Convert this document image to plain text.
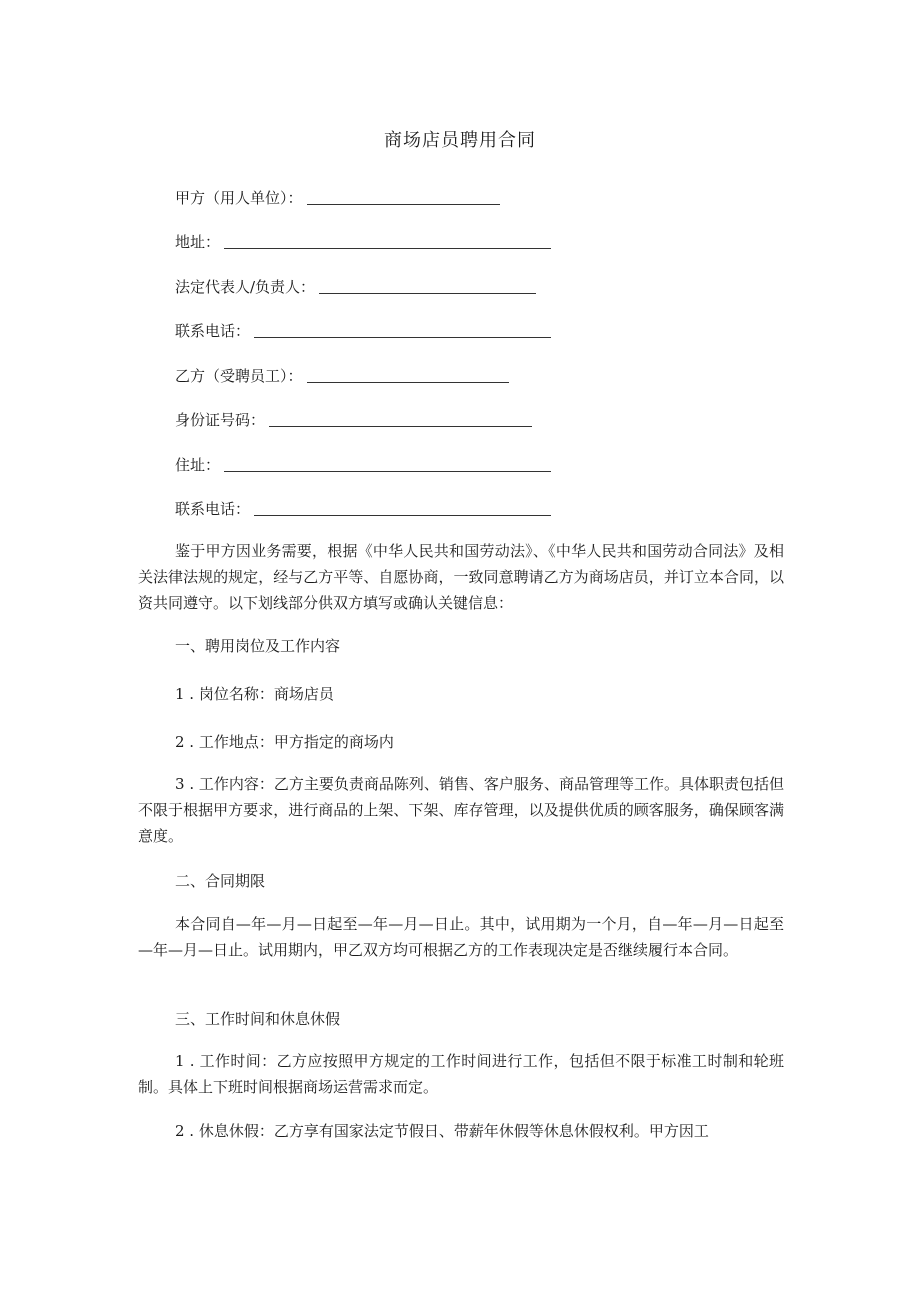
商场店员聘用合同
甲方（用人单位）：
地址：
法定代表人/负责人：
联系电话：
乙方（受聘员工）：
身份证号码：
住址：
联系电话：

鉴于甲方因业务需要，根据《中华人民共和国劳动法》、《中华人民共和国劳动合同法》及相关法律法规的规定，经与乙方平等、自愿协商，一致同意聘请乙方为商场店员，并订立本合同，以资共同遵守。以下划线部分供双方填写或确认关键信息：

一、聘用岗位及工作内容
1 . 岗位名称：商场店员
2 . 工作地点：甲方指定的商场内

3 . 工作内容：乙方主要负责商品陈列、销售、客户服务、商品管理等工作。具体职责包括但不限于根据甲方要求，进行商品的上架、下架、库存管理，以及提供优质的顾客服务，确保顾客满意度。

二、合同期限

本合同自—年—月—日起至—年—月—日止。其中，试用期为一个月，自—年—月—日起至—年—月—日止。试用期内，甲乙双方均可根据乙方的工作表现决定是否继续履行本合同。

三、工作时间和休息休假

1 . 工作时间：乙方应按照甲方规定的工作时间进行工作，包括但不限于标准工时制和轮班制。具体上下班时间根据商场运营需求而定。

2 . 休息休假：乙方享有国家法定节假日、带薪年休假等休息休假权利。甲方因工
